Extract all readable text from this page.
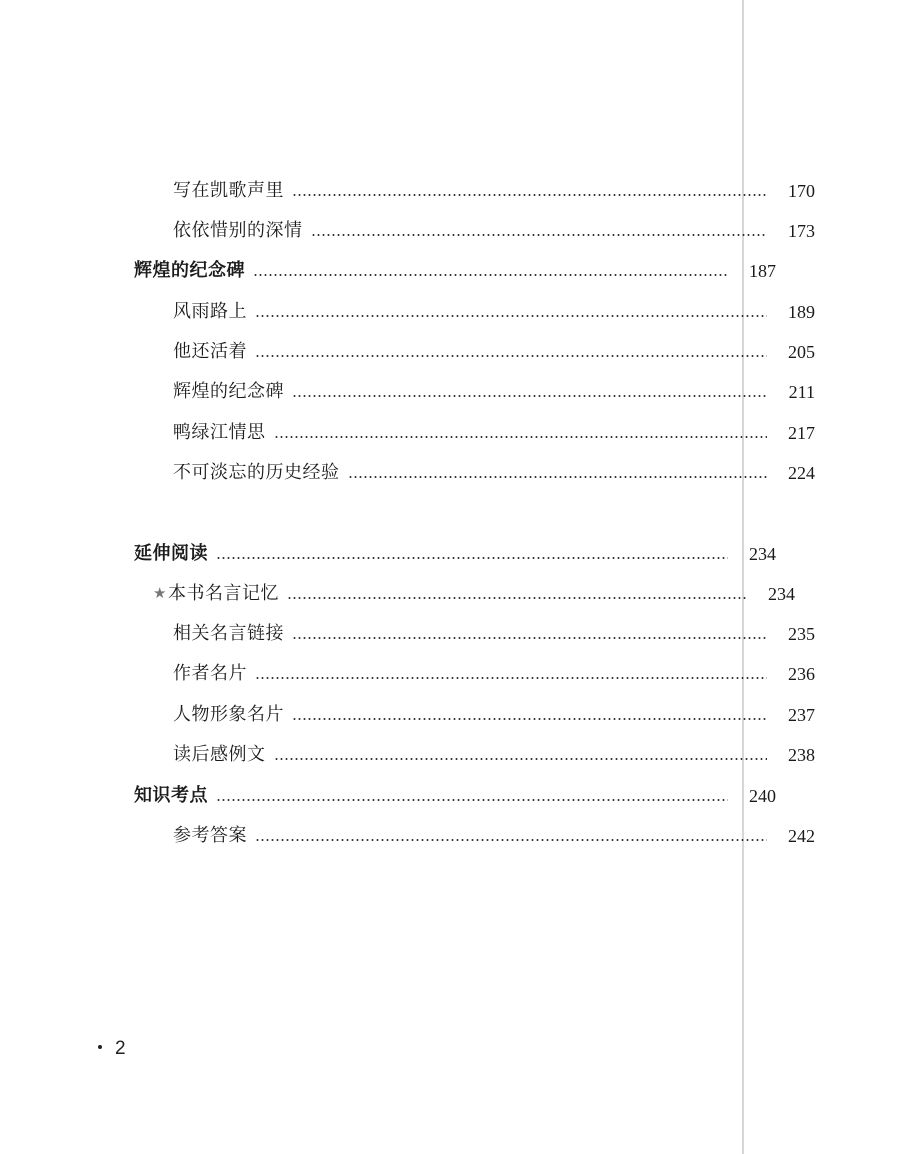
写在凯歌声里	170
依依惜别的深情	173
辉煌的纪念碑	187
风雨路上	189
他还活着	205
辉煌的纪念碑	211
鸭绿江情思	217
不可淡忘的历史经验	224
延伸阅读	234
★本书名言记忆	234
相关名言链接	235
作者名片	236
人物形象名片	237
读后感例文	238
知识考点	240
参考答案	242
2
